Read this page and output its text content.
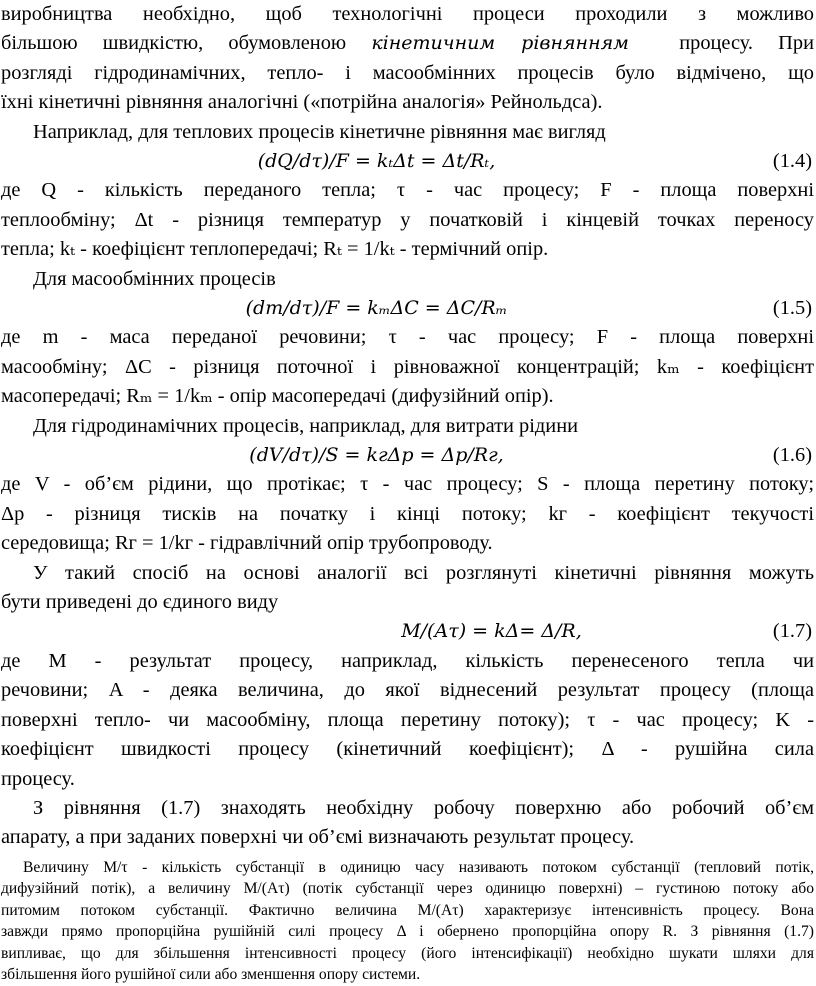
виробництва необхідно, щоб технологічні процеси проходили з можливо
більшою швидкістю, обумовленою кінетичним рівнянням процесу. При
розгляді гідродинамічних, тепло- і масообмінних процесів було відмічено, що
їхні кінетичні рівняння аналогічні («потрійна аналогія» Рейнольдса).
Наприклад, для теплових процесів кінетичне рівняння має вигляд
(dQ/dτ)/F = kₜΔt = Δt/Rₜ,	(1.4)
де Q - кількість переданого тепла; τ - час процесу; F - площа поверхні
теплообміну; Δt - різниця температур у початковій і кінцевій точках переносу
тепла; kₜ - коефіцієнт теплопередачі; Rₜ = 1/kₜ - термічний опір.
Для масообмінних процесів
(dm/dτ)/F = kₘΔC = ΔC/Rₘ	(1.5)
де m - маса переданої речовини; τ - час процесу; F - площа поверхні
масообміну; ΔC - різниця поточної і рівноважної концентрацій; kₘ - коефіцієнт
масопередачі; Rₘ = 1/kₘ - опір масопередачі (дифузійний опір).
Для гідродинамічних процесів, наприклад, для витрати рідини
(dV/dτ)/S = kгΔp = Δp/Rг,	(1.6)
де V - об’єм рідини, що протікає; τ - час процесу; S - площа перетину потоку;
Δp - різниця тисків на початку і кінці потоку; kг - коефіцієнт текучості
середовища; Rг = 1/kг - гідравлічний опір трубопроводу.
У такий спосіб на основі аналогії всі розглянуті кінетичні рівняння можуть
бути приведені до єдиного виду
M/(Aτ) = kΔ= Δ/R,	(1.7)
де M - результат процесу, наприклад, кількість перенесеного тепла чи
речовини; A - деяка величина, до якої віднесений результат процесу (площа
поверхні тепло- чи масообміну, площа перетину потоку); τ - час процесу; K -
коефіцієнт швидкості процесу (кінетичний коефіцієнт); Δ - рушійна сила
процесу.
З рівняння (1.7) знаходять необхідну робочу поверхню або робочий об’єм
апарату, а при заданих поверхні чи об’ємі визначають результат процесу.
Величину M/τ - кількість субстанції в одиницю часу називають потоком субстанції (тепловий потік,
дифузійний потік), а величину M/(Aτ) (потік субстанції через одиницю поверхні) – густиною потоку або
питомим потоком субстанції. Фактично величина M/(Aτ) характеризує інтенсивність процесу. Вона
завжди прямо пропорційна рушійній силі процесу Δ і обернено пропорційна опору R. З рівняння (1.7)
випливає, що для збільшення інтенсивності процесу (його інтенсифікації) необхідно шукати шляхи для
збільшення його рушійної сили або зменшення опору системи.
